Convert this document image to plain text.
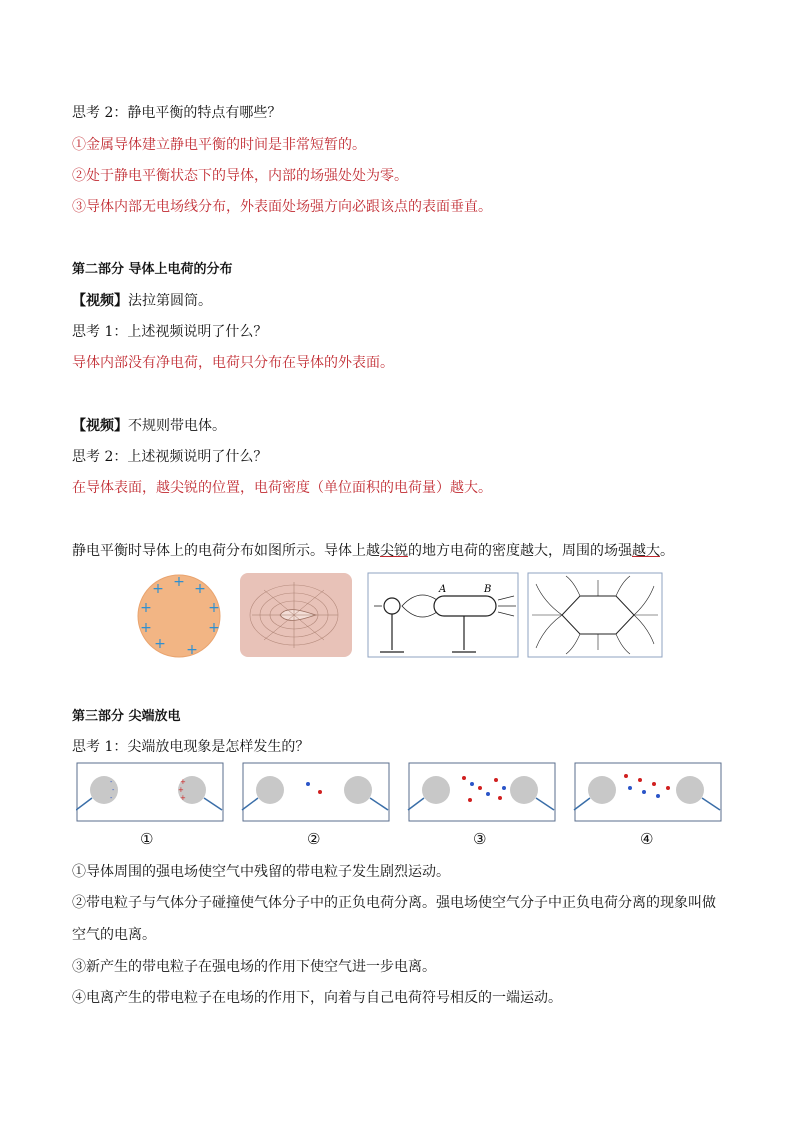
思考 2：静电平衡的特点有哪些？
①金属导体建立静电平衡的时间是非常短暂的。
②处于静电平衡状态下的导体，内部的场强处处为零。
③导体内部无电场线分布，外表面处场强方向必跟该点的表面垂直。
第二部分 导体上电荷的分布
【视频】法拉第圆筒。
思考 1：上述视频说明了什么？
导体内部没有净电荷，电荷只分布在导体的外表面。
【视频】不规则带电体。
思考 2：上述视频说明了什么？
在导体表面，越尖锐的位置，电荷密度（单位面积的电荷量）越大。
静电平衡时导体上的电荷分布如图所示。导体上越尖锐的地方电荷的密度越大，周围的场强越大。
+
+ +
+	+
+	+
+ +
A	B
第三部分 尖端放电
思考 1：尖端放电现象是怎样发生的？
-
-
-
+
+
+
①	②	③	④
①导体周围的强电场使空气中残留的带电粒子发生剧烈运动。
②带电粒子与气体分子碰撞使气体分子中的正负电荷分离。强电场使空气分子中正负电荷分离的现象叫做
空气的电离。
③新产生的带电粒子在强电场的作用下使空气进一步电离。
④电离产生的带电粒子在电场的作用下，向着与自己电荷符号相反的一端运动。
